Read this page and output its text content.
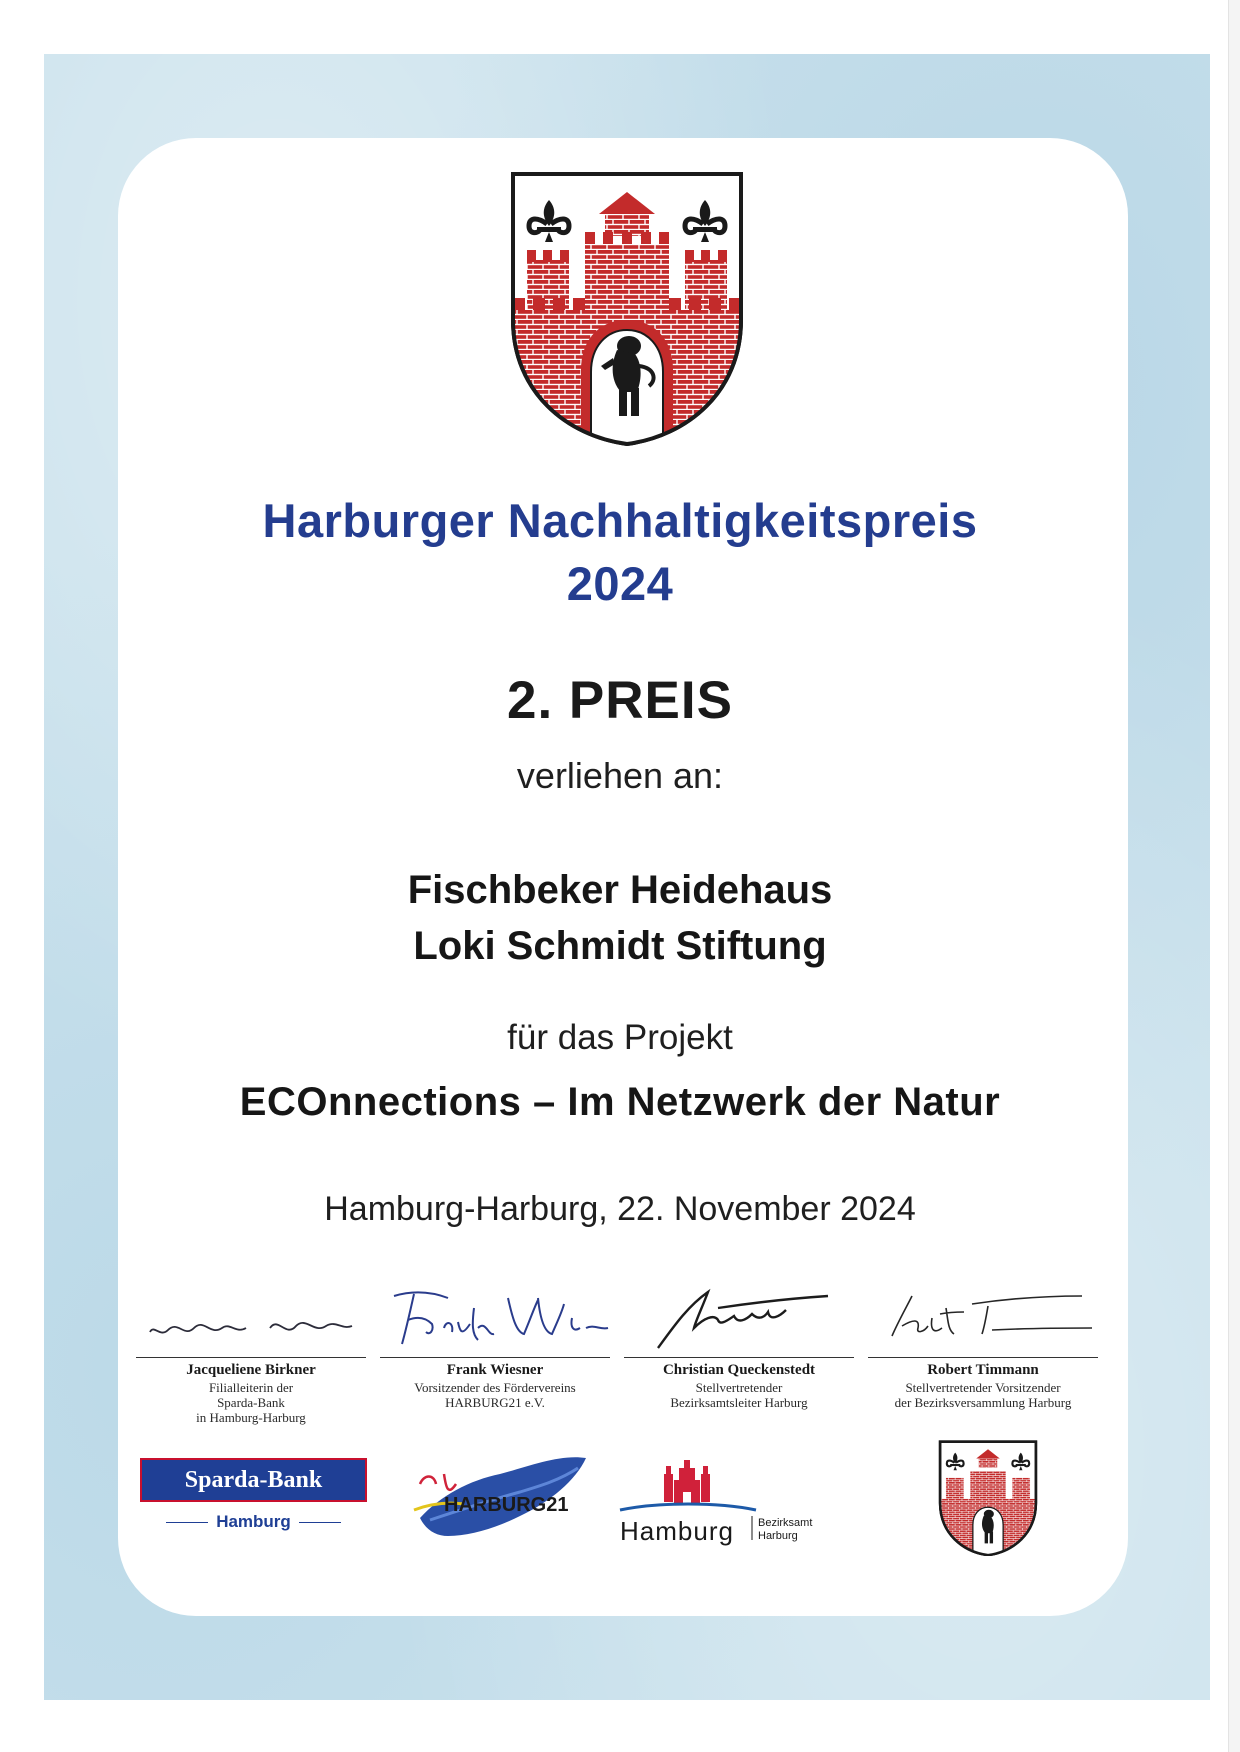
Harburger Nachhaltigkeitspreis
2024
2. PREIS
verliehen an:
Fischbeker Heidehaus
Loki Schmidt Stiftung
für das Projekt
ECOnnections – Im Netzwerk der Natur
Hamburg-Harburg, 22. November 2024
Jacqueliene Birkner
Filialleiterin der
Sparda-Bank
in Hamburg-Harburg
Frank Wiesner
Vorsitzender des Fördervereins
HARBURG21 e.V.
Christian Queckenstedt
Stellvertretender
Bezirksamtsleiter Harburg
Robert Timmann
Stellvertretender Vorsitzender
der Bezirksversammlung Harburg
Sparda-Bank
Hamburg
HARBURG21
Hamburg Bezirksamt
Harburg
